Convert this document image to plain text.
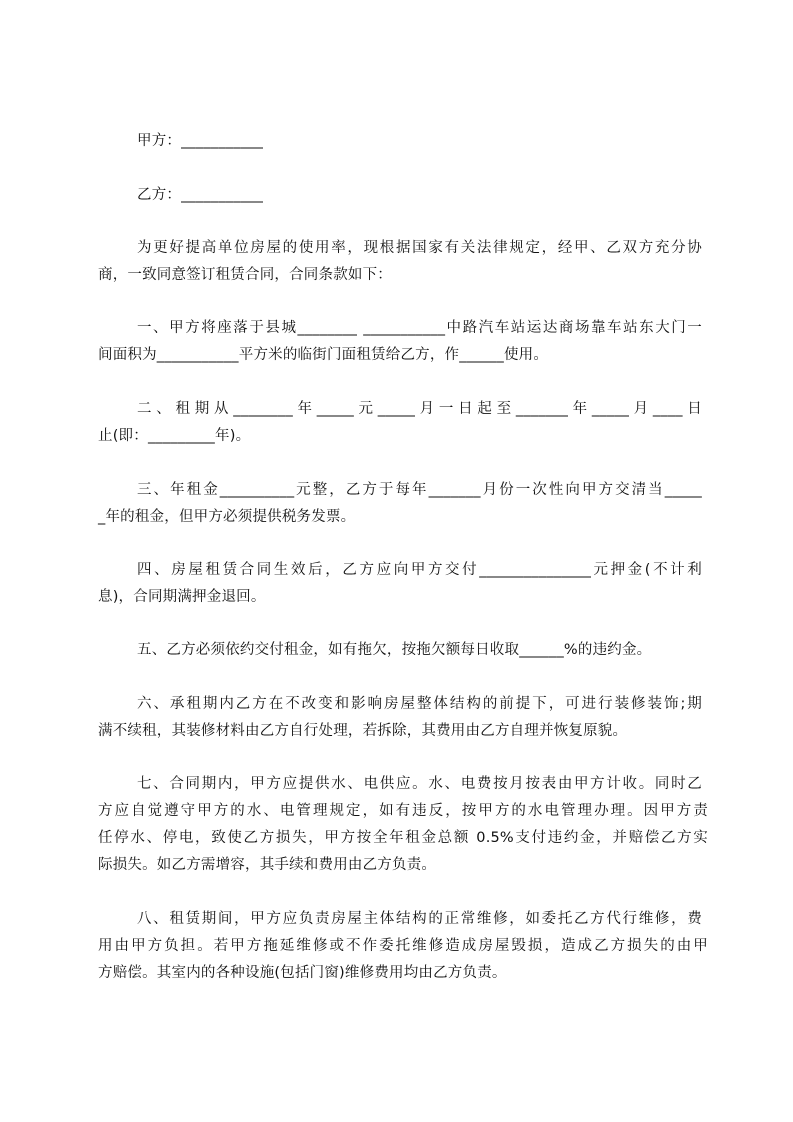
甲方：___________
乙方：___________
为更好提高单位房屋的使用率，现根据国家有关法律规定，经甲、乙双方充分协
商，一致同意签订租赁合同，合同条款如下：
一、甲方将座落于县城________ ___________中路汽车站运达商场靠车站东大门一
间面积为___________平方米的临街门面租赁给乙方，作______使用。
二、租期从________年_____元_____月一日起至_______年_____月____日
止(即：_________年)。
三、年租金__________元整，乙方于每年_______月份一次性向甲方交清当_____
_年的租金，但甲方必须提供税务发票。
四、房屋租赁合同生效后，乙方应向甲方交付_______________元押金(不计利
息)，合同期满押金退回。
五、乙方必须依约交付租金，如有拖欠，按拖欠额每日收取______%的违约金。
六、承租期内乙方在不改变和影响房屋整体结构的前提下，可进行装修装饰;期
满不续租，其装修材料由乙方自行处理，若拆除，其费用由乙方自理并恢复原貌。
七、合同期内，甲方应提供水、电供应。水、电费按月按表由甲方计收。同时乙
方应自觉遵守甲方的水、电管理规定，如有违反，按甲方的水电管理办理。因甲方责
任停水、停电，致使乙方损失，甲方按全年租金总额 0.5%支付违约金，并赔偿乙方实
际损失。如乙方需增容，其手续和费用由乙方负责。
八、租赁期间，甲方应负责房屋主体结构的正常维修，如委托乙方代行维修，费
用由甲方负担。若甲方拖延维修或不作委托维修造成房屋毁损，造成乙方损失的由甲
方赔偿。其室内的各种设施(包括门窗)维修费用均由乙方负责。
